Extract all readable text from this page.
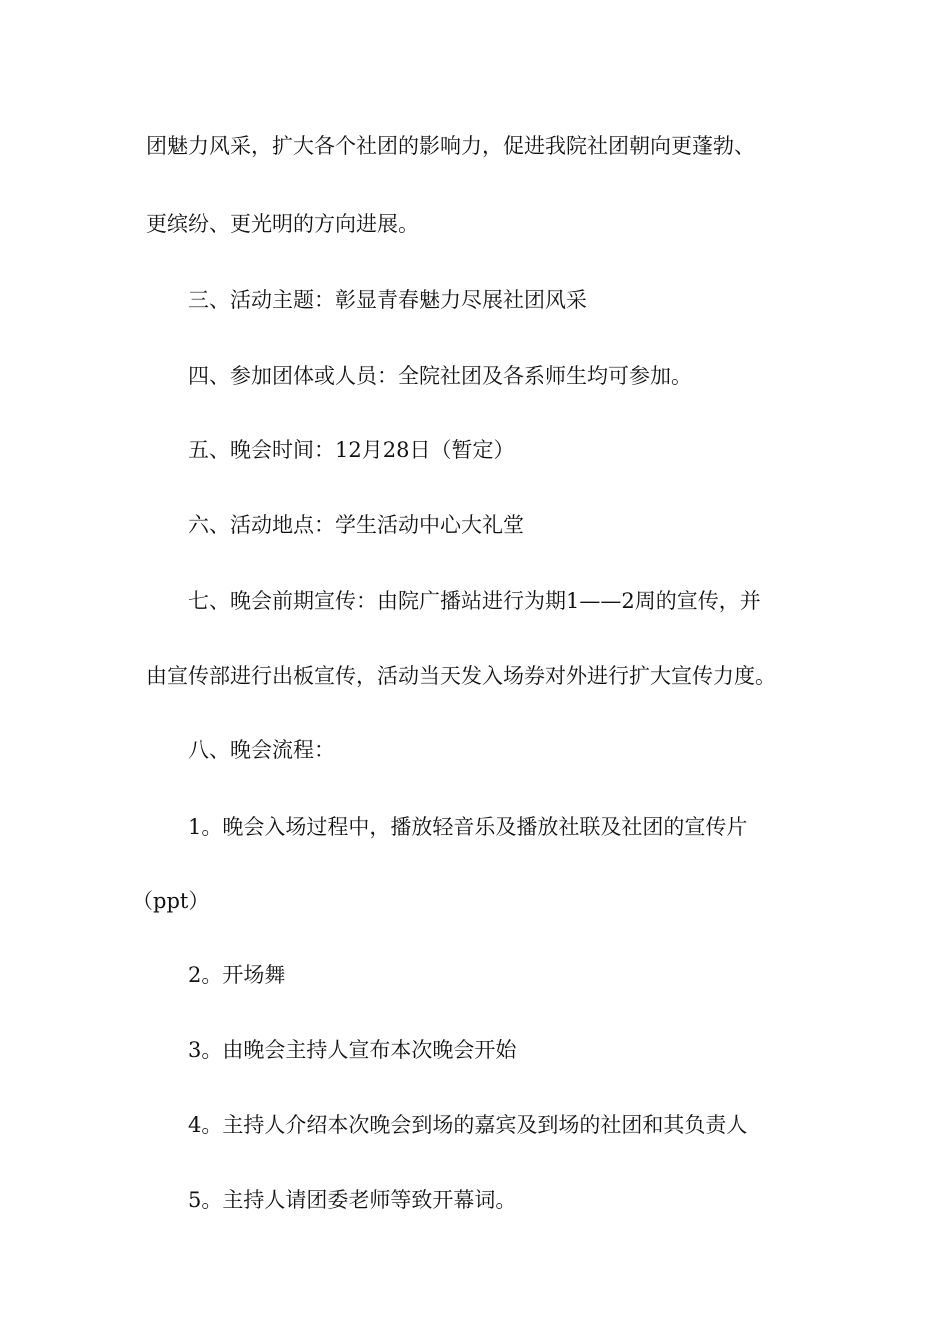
团魅力风采，扩大各个社团的影响力，促进我院社团朝向更蓬勃、
更缤纷、更光明的方向进展。
三、活动主题：彰显青春魅力尽展社团风采
四、参加团体或人员：全院社团及各系师生均可参加。
五、晚会时间：12月28日（暂定）
六、活动地点：学生活动中心大礼堂
七、晚会前期宣传：由院广播站进行为期1——2周的宣传，并
由宣传部进行出板宣传，活动当天发入场券对外进行扩大宣传力度。
八、晚会流程：
1。晚会入场过程中，播放轻音乐及播放社联及社团的宣传片
（ppt）
2。开场舞
3。由晚会主持人宣布本次晚会开始
4。主持人介绍本次晚会到场的嘉宾及到场的社团和其负责人
5。主持人请团委老师等致开幕词。
